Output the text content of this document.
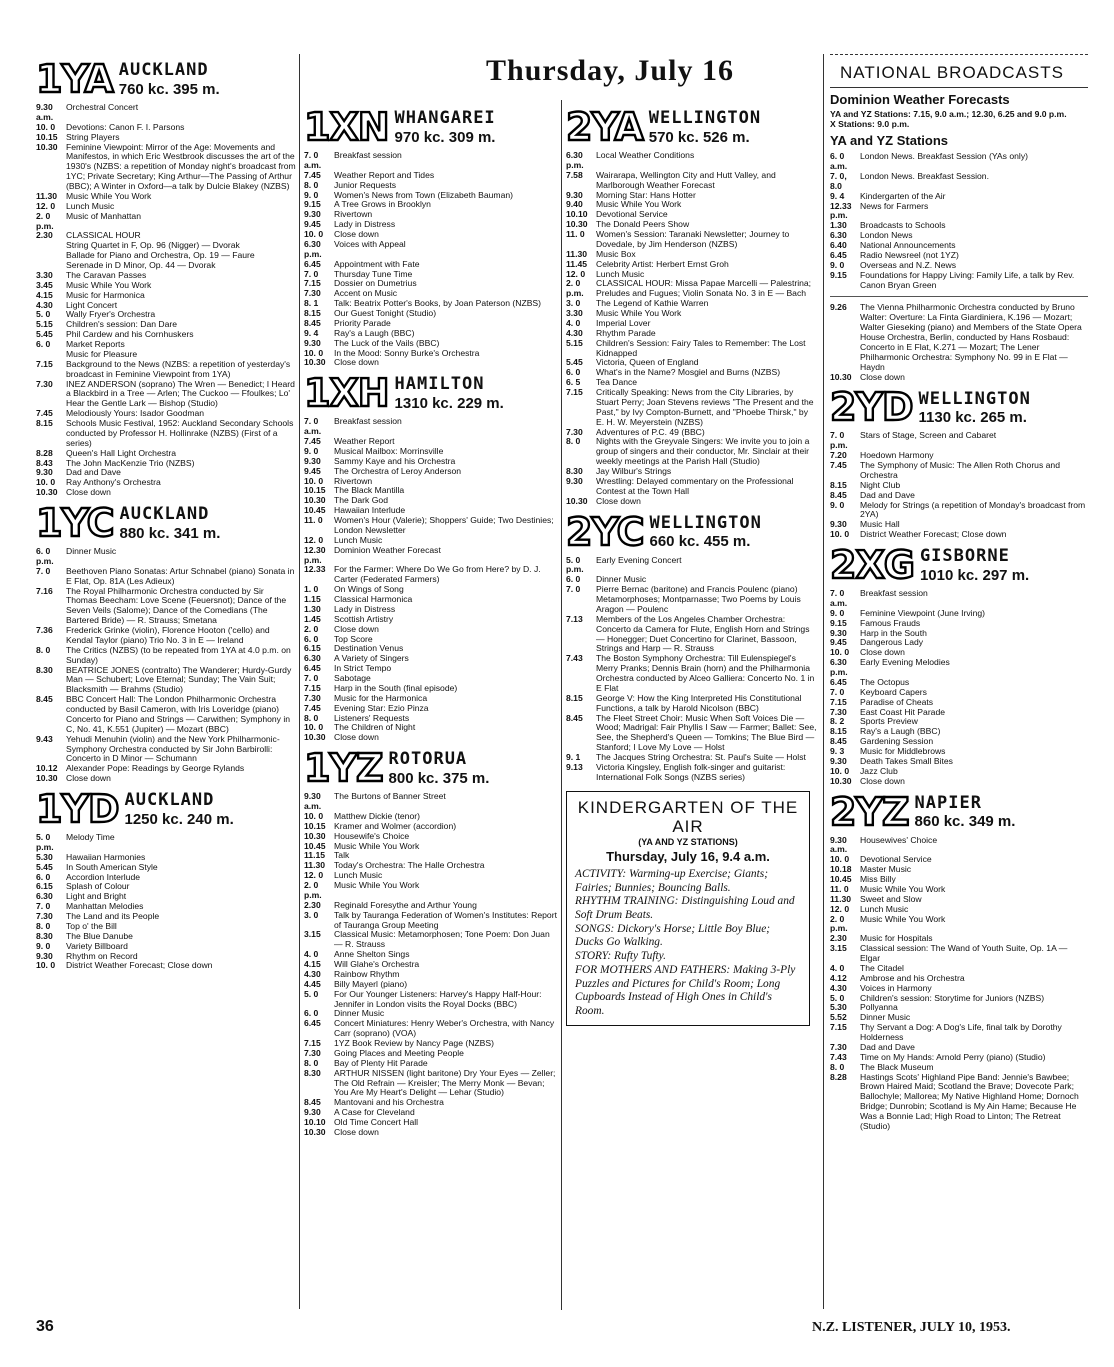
Thursday, July 16
1YA AUCKLAND
760 kc. 395 m.
9.30 a.m.
Orchestral Concert
10. 0	Devotions: Canon F. I. Parsons
10.15 String Players
10.30 Feminine Viewpoint: Mirror of the Age: Movements and Manifestos, in which Eric Westbrook discusses the art of the 1930's (NZBS: a repetition of Monday night's broadcast from 1YC; Private Secretary; King Arthur—The Passing of Arthur (BBC); A Winter in Oxford—a talk by Dulcie Blakey (NZBS)
11.30	Music While You Work
12. 0	Lunch Music
2. 0 p.m.
Music of Manhattan
2.30	CLASSICAL HOUR
String Quartet in F, Op. 96 (Nigger) — Dvorak
Ballade for Piano and Orchestra, Op. 19 — Faure
Serenade in D Minor, Op. 44 — Dvorak
3.30	The Caravan Passes
3.45	Music While You Work
4.15	Music for Harmonica
4.30	Light Concert
5. 0	Wally Fryer's Orchestra
5.15	Children's session: Dan Dare
5.45	Phil Cardew and his Cornhuskers
6. 0	Market Reports
Music for Pleasure
7.15	Background to the News (NZBS: a repetition of yesterday's broadcast in Feminine Viewpoint from 1YA)
7.30	INEZ ANDERSON (soprano) The Wren — Benedict; I Heard a Blackbird in a Tree — Arlen; The Cuckoo — Ffoulkes; Lo' Hear the Gentle Lark — Bishop (Studio)
7.45	Melodiously Yours: Isador Goodman
8.15	Schools Music Festival, 1952: Auckland Secondary Schools conducted by Professor H. Hollinrake (NZBS) (First of a series)
8.28	Queen's Hall Light Orchestra
8.43	The John MacKenzie Trio (NZBS)
9.30	Dad and Dave
10. 0	Ray Anthony's Orchestra
10.30 Close down
1YC AUCKLAND
880 kc. 341 m.
6. 0 p.m.
Dinner Music
7. 0	Beethoven Piano Sonatas: Artur Schnabel (piano) Sonata in E Flat, Op. 81A (Les Adieux)
7.16	The Royal Philharmonic Orchestra conducted by Sir Thomas Beecham: Love Scene (Feuersnot); Dance of the Seven Veils (Salome); Dance of the Comedians (The Bartered Bride) — R. Strauss; Smetana
7.36	Frederick Grinke (violin), Florence Hooton ('cello) and Kendal Taylor (piano) Trio No. 3 in E — Ireland
8. 0	The Critics (NZBS) (to be repeated from 1YA at 4.0 p.m. on Sunday)
8.30	BEATRICE JONES (contralto) The Wanderer; Hurdy-Gurdy Man — Schubert; Love Eternal; Sunday; The Vain Suit; Blacksmith — Brahms (Studio)
8.45	BBC Concert Hall: The London Philharmonic Orchestra conducted by Basil Cameron, with Iris Loveridge (piano) Concerto for Piano and Strings — Carwithen; Symphony in C, No. 41, K.551 (Jupiter) — Mozart (BBC)
9.43	Yehudi Menuhin (violin) and the New York Philharmonic-Symphony Orchestra conducted by Sir John Barbirolli: Concerto in D Minor — Schumann
10.12 Alexander Pope: Readings by George Rylands
10.30 Close down
1YD AUCKLAND
1250 kc. 240 m.
5. 0 p.m.
Melody Time
5.30	Hawaiian Harmonies
5.45	In South American Style
6. 0	Accordion Interlude
6.15	Splash of Colour
6.30	Light and Bright
7. 0	Manhattan Melodies
7.30	The Land and its People
8. 0	Top o' the Bill
8.30	The Blue Danube
9. 0	Variety Billboard
9.30	Rhythm on Record
10. 0	District Weather Forecast; Close down
1XN WHANGAREI
970 kc. 309 m.
7. 0 a.m.
Breakfast session
7.45	Weather Report and Tides
8. 0	Junior Requests
9. 0	Women's News from Town (Elizabeth Bauman)
9.15	A Tree Grows in Brooklyn
9.30	Rivertown
9.45	Lady in Distress
10. 0	Close down
6.30 p.m.
Voices with Appeal
6.45	Appointment with Fate
7. 0	Thursday Tune Time
7.15	Dossier on Dumetrius
7.30	Accent on Music
8. 1	Talk: Beatrix Potter's Books, by Joan Paterson (NZBS)
8.15	Our Guest Tonight (Studio)
8.45	Priority Parade
9. 4	Ray's a Laugh (BBC)
9.30	The Luck of the Vails (BBC)
10. 0	In the Mood: Sonny Burke's Orchestra
10.30 Close down
1XH HAMILTON
1310 kc. 229 m.
7. 0 a.m.
Breakfast session
7.45	Weather Report
9. 0	Musical Mailbox: Morrinsville
9.30	Sammy Kaye and his Orchestra
9.45	The Orchestra of Leroy Anderson
10. 0	Rivertown
10.15 The Black Mantilla
10.30 The Dark God
10.45 Hawaiian Interlude
11. 0	Women's Hour (Valerie); Shoppers' Guide; Two Destinies; London Newsletter
12. 0	Lunch Music
12.30 p.m.
Dominion Weather Forecast
12.33 For the Farmer: Where Do We Go from Here? by D. J. Carter (Federated Farmers)
1. 0	On Wings of Song
1.15	Classical Harmonica
1.30	Lady in Distress
1.45	Scottish Artistry
2. 0	Close down
6. 0	Top Score
6.15	Destination Venus
6.30	A Variety of Singers
6.45	In Strict Tempo
7. 0	Sabotage
7.15	Harp in the South (final episode)
7.30	Music for the Harmonica
7.45	Evening Star: Ezio Pinza
8. 0	Listeners' Requests
10. 0	The Children of Night
10.30 Close down
1YZ ROTORUA
800 kc. 375 m.
9.30 a.m.
The Burtons of Banner Street
10. 0	Matthew Dickie (tenor)
10.15 Kramer and Wolmer (accordion)
10.30 Housewife's Choice
10.45 Music While You Work
11.15	Talk
11.30	Today's Orchestra: The Halle Orchestra
12. 0	Lunch Music
2. 0 p.m.
Music While You Work
2.30	Reginald Foresythe and Arthur Young
3. 0	Talk by Tauranga Federation of Women's Institutes: Report of Tauranga Group Meeting
3.15	Classical Music: Metamorphosen; Tone Poem: Don Juan — R. Strauss
4. 0	Anne Shelton Sings
4.15	Will Glahe's Orchestra
4.30	Rainbow Rhythm
4.45	Billy Mayerl (piano)
5. 0	For Our Younger Listeners: Harvey's Happy Half-Hour: Jennifer in London visits the Royal Docks (BBC)
6. 0	Dinner Music
6.45	Concert Miniatures: Henry Weber's Orchestra, with Nancy Carr (soprano) (VOA)
7.15	1YZ Book Review by Nancy Page (NZBS)
7.30	Going Places and Meeting People
8. 0	Bay of Plenty Hit Parade
8.30	ARTHUR NISSEN (light baritone) Dry Your Eyes — Zeller; The Old Refrain — Kreisler; The Merry Monk — Bevan; You Are My Heart's Delight — Lehar (Studio)
8.45	Mantovani and his Orchestra
9.30	A Case for Cleveland
10.10 Old Time Concert Hall
10.30 Close down
2YA WELLINGTON
570 kc. 526 m.
6.30 p.m.
Local Weather Conditions
7.58	Wairarapa, Wellington City and Hutt Valley, and Marlborough Weather Forecast
9.30	Morning Star: Hans Hotter
9.40	Music While You Work
10.10 Devotional Service
10.30 The Donald Peers Show
11. 0	Women's Session: Taranaki Newsletter; Journey to Dovedale, by Jim Henderson (NZBS)
11.30	Music Box
11.45	Celebrity Artist: Herbert Ernst Groh
12. 0	Lunch Music
2. 0 p.m.
CLASSICAL HOUR: Missa Papae Marcelli — Palestrina; Preludes and Fugues; Violin Sonata No. 3 in E — Bach
3. 0	The Legend of Kathie Warren
3.30	Music While You Work
4. 0	Imperial Lover
4.30	Rhythm Parade
5.15	Children's Session: Fairy Tales to Remember: The Lost Kidnapped
5.45	Victoria, Queen of England
6. 0	What's in the Name? Mosgiel and Burns (NZBS)
6. 5	Tea Dance
7.15	Critically Speaking: News from the City Libraries, by Stuart Perry; Joan Stevens reviews "The Present and the Past," by Ivy Compton-Burnett, and "Phoebe Thirsk," by E. H. W. Meyerstein (NZBS)
7.30	Adventures of P.C. 49 (BBC)
8. 0	Nights with the Greyvale Singers: We invite you to join a group of singers and their conductor, Mr. Sinclair at their weekly meetings at the Parish Hall (Studio)
8.30	Jay Wilbur's Strings
9.30	Wrestling: Delayed commentary on the Professional Contest at the Town Hall
10.30 Close down
2YC WELLINGTON
660 kc. 455 m.
5. 0 p.m.
Early Evening Concert
6. 0	Dinner Music
7. 0	Pierre Bernac (baritone) and Francis Poulenc (piano) Metamorphoses; Montparnasse; Two Poems by Louis Aragon — Poulenc
7.13	Members of the Los Angeles Chamber Orchestra: Concerto da Camera for Flute, English Horn and Strings — Honegger; Duet Concertino for Clarinet, Bassoon, Strings and Harp — R. Strauss
7.43	The Boston Symphony Orchestra: Till Eulenspiegel's Merry Pranks; Dennis Brain (horn) and the Philharmonia Orchestra conducted by Alceo Galliera: Concerto No. 1 in E Flat
8.15	George V: How the King Interpreted His Constitutional Functions, a talk by Harold Nicolson (BBC)
8.45	The Fleet Street Choir: Music When Soft Voices Die — Wood; Madrigal: Fair Phyllis I Saw — Farmer; Ballet: See, See, the Shepherd's Queen — Tomkins; The Blue Bird — Stanford; I Love My Love — Holst
9. 1	The Jacques String Orchestra: St. Paul's Suite — Holst
9.13	Victoria Kingsley, English folk-singer and guitarist: International Folk Songs (NZBS series)
KINDERGARTEN OF THE AIR
(YA AND YZ STATIONS)
Thursday, July 16, 9.4 a.m.
ACTIVITY: Warming-up Exercise; Giants; Fairies; Bunnies; Bouncing Balls.
RHYTHM TRAINING: Distinguishing Loud and Soft Drum Beats.
SONGS: Dickory's Horse; Little Boy Blue; Ducks Go Walking.
STORY: Rufty Tufty.
FOR MOTHERS AND FATHERS: Making 3-Ply Puzzles and Pictures for Child's Room; Long Cupboards Instead of High Ones in Child's Room.
NATIONAL BROADCASTS
Dominion Weather Forecasts
YA and YZ Stations: 7.15, 9.0 a.m.; 12.30, 6.25 and 9.0 p.m.
X Stations: 9.0 p.m.
YA and YZ Stations
6. 0 a.m.
London News. Breakfast Session (YAs only)
7. 0, 8.0
London News. Breakfast Session.
9. 4	Kindergarten of the Air
12.33 p.m.
News for Farmers
1.30	Broadcasts to Schools
6.30	London News
6.40	National Announcements
6.45	Radio Newsreel (not 1YZ)
9. 0	Overseas and N.Z. News
9.15	Foundations for Happy Living: Family Life, a talk by Rev. Canon Bryan Green
9.26	The Vienna Philharmonic Orchestra conducted by Bruno Walter: Overture: La Finta Giardiniera, K.196 — Mozart; Walter Gieseking (piano) and Members of the State Opera House Orchestra, Berlin, conducted by Hans Rosbaud: Concerto in E Flat, K.271 — Mozart; The Lener Philharmonic Orchestra: Symphony No. 99 in E Flat — Haydn
10.30 Close down
2YD WELLINGTON
1130 kc. 265 m.
7. 0 p.m.
Stars of Stage, Screen and Cabaret
7.20	Hoedown Harmony
7.45	The Symphony of Music: The Allen Roth Chorus and Orchestra
8.15	Night Club
8.45	Dad and Dave
9. 0	Melody for Strings (a repetition of Monday's broadcast from 2YA)
9.30	Music Hall
10. 0	District Weather Forecast; Close down
2XG GISBORNE
1010 kc. 297 m.
7. 0 a.m.
Breakfast session
9. 0	Feminine Viewpoint (June Irving)
9.15	Famous Frauds
9.30	Harp in the South
9.45	Dangerous Lady
10. 0	Close down
6.30 p.m.
Early Evening Melodies
6.45	The Octopus
7. 0	Keyboard Capers
7.15	Paradise of Cheats
7.30	East Coast Hit Parade
8. 2	Sports Preview
8.15	Ray's a Laugh (BBC)
8.45	Gardening Session
9. 3	Music for Middlebrows
9.30	Death Takes Small Bites
10. 0	Jazz Club
10.30 Close down
2YZ NAPIER
860 kc. 349 m.
9.30 a.m.
Housewives' Choice
10. 0	Devotional Service
10.18 Master Music
10.45 Miss Billy
11. 0	Music While You Work
11.30	Sweet and Slow
12. 0	Lunch Music
2. 0 p.m.
Music While You Work
2.30	Music for Hospitals
3.15	Classical session: The Wand of Youth Suite, Op. 1A — Elgar
4. 0	The Citadel
4.12	Ambrose and his Orchestra
4.30	Voices in Harmony
5. 0	Children's session: Storytime for Juniors (NZBS)
5.30	Pollyanna
5.52	Dinner Music
7.15	Thy Servant a Dog: A Dog's Life, final talk by Dorothy Holderness
7.30	Dad and Dave
7.43	Time on My Hands: Arnold Perry (piano) (Studio)
8. 0	The Black Museum
8.28	Hastings Scots' Highland Pipe Band: Jennie's Bawbee; Brown Haired Maid; Scotland the Brave; Dovecote Park; Ballochyle; Mallorea; My Native Highland Home; Dornoch Bridge; Dunrobin; Scotland is My Ain Hame; Because He Was a Bonnie Lad; High Road to Linton; The Retreat (Studio)
36	N.Z. LISTENER, JULY 10, 1953.
